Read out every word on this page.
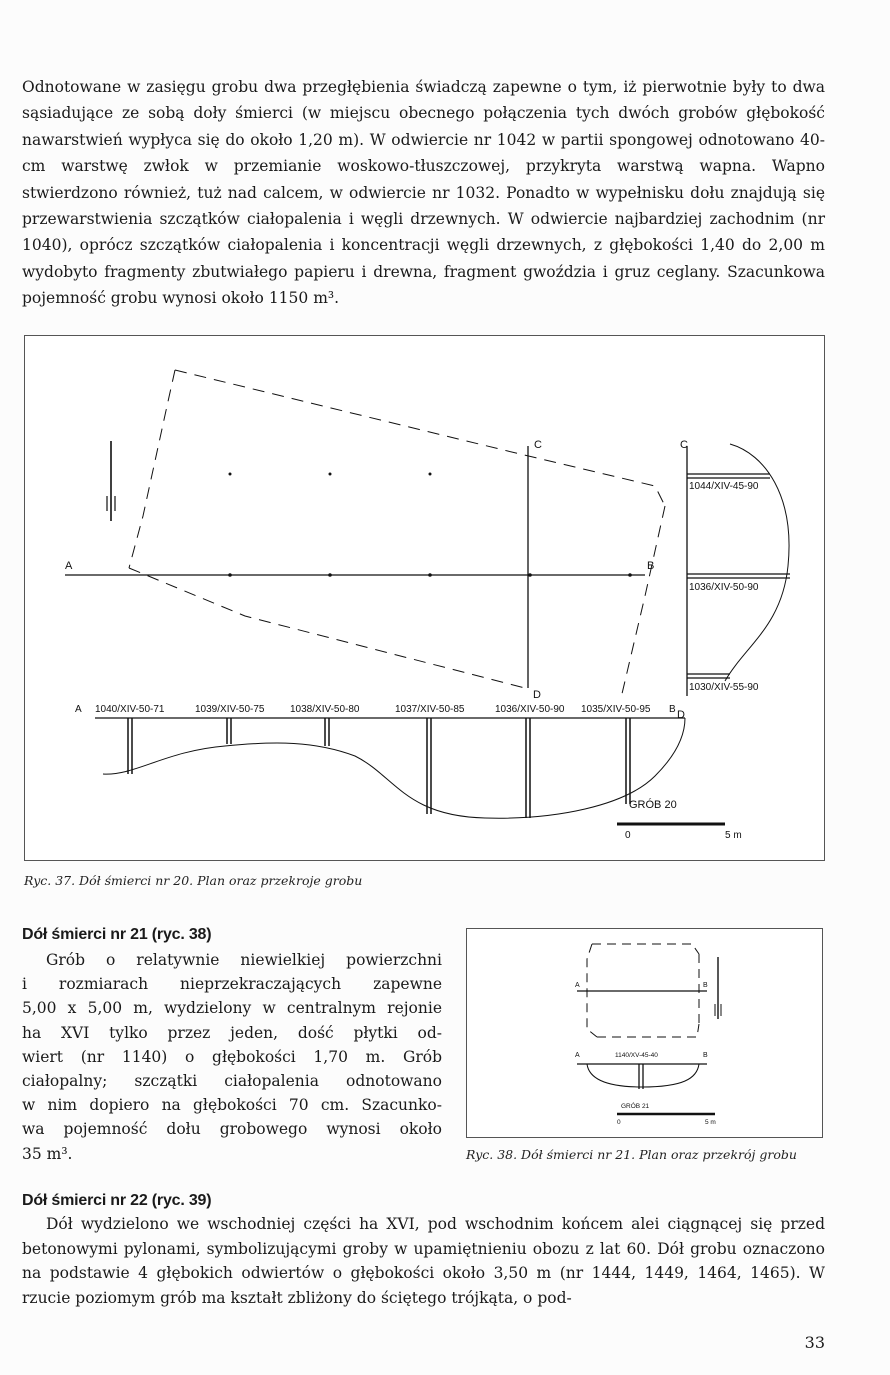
Odnotowane w zasięgu grobu dwa przegłębienia świadczą zapewne o tym, iż pierwotnie były to dwa sąsiadujące ze sobą doły śmierci (w miejscu obecnego połączenia tych dwóch grobów głębokość nawarstwień wypłyca się do około 1,20 m). W odwiercie nr 1042 w partii spongowej odnotowano 40-cm warstwę zwłok w przemianie woskowo-tłuszczowej, przykryta warstwą wapna. Wapno stwierdzono również, tuż nad calcem, w odwiercie nr 1032. Ponadto w wypełnisku dołu znajdują się przewarstwienia szczątków ciałopalenia i węgli drzewnych. W odwiercie najbardziej zachodnim (nr 1040), oprócz szczątków ciałopalenia i koncentracji węgli drzewnych, z głębokości 1,40 do 2,00 m wydobyto fragmenty zbutwiałego papieru i drewna, fragment gwoździa i gruz ceglany. Szacunkowa pojemność grobu wynosi około 1150 m³.

A	B
C
D
C
D
1044/XIV-45-90
1036/XIV-50-90
1030/XIV-55-90
A 1040/XIV-50-71	1039/XIV-50-75	1038/XIV-50-80	1037/XIV-50-85	1036/XIV-50-90 1035/XIV-50-95 B
GRÓB 20
0	5 m
Ryc. 37. Dół śmierci nr 20. Plan oraz przekroje grobu
Dół śmierci nr 21 (ryc. 38)
Grób o relatywnie niewielkiej powierzchni
i rozmiarach nieprzekraczających zapewne
5,00 x 5,00 m, wydzielony w centralnym rejonie
ha XVI tylko przez jeden, dość płytki od-
wiert (nr 1140) o głębokości 1,70 m. Grób
ciałopalny; szczątki ciałopalenia odnotowano
w nim dopiero na głębokości 70 cm. Szacunko-
wa pojemność dołu grobowego wynosi około
35 m³.
A	B
A	1140/XV-45-40	B
GRÓB 21
0	5 m
Ryc. 38. Dół śmierci nr 21. Plan oraz przekrój grobu
Dół śmierci nr 22 (ryc. 39)

Dół wydzielono we wschodniej części ha XVI, pod wschodnim końcem alei ciągnącej się przed betonowymi pylonami, symbolizującymi groby w upamiętnieniu obozu z lat 60. Dół grobu oznaczono na podstawie 4 głębokich odwiertów o głębokości około 3,50 m (nr 1444, 1449, 1464, 1465). W rzucie poziomym grób ma kształt zbliżony do ściętego trójkąta, o pod-

33
